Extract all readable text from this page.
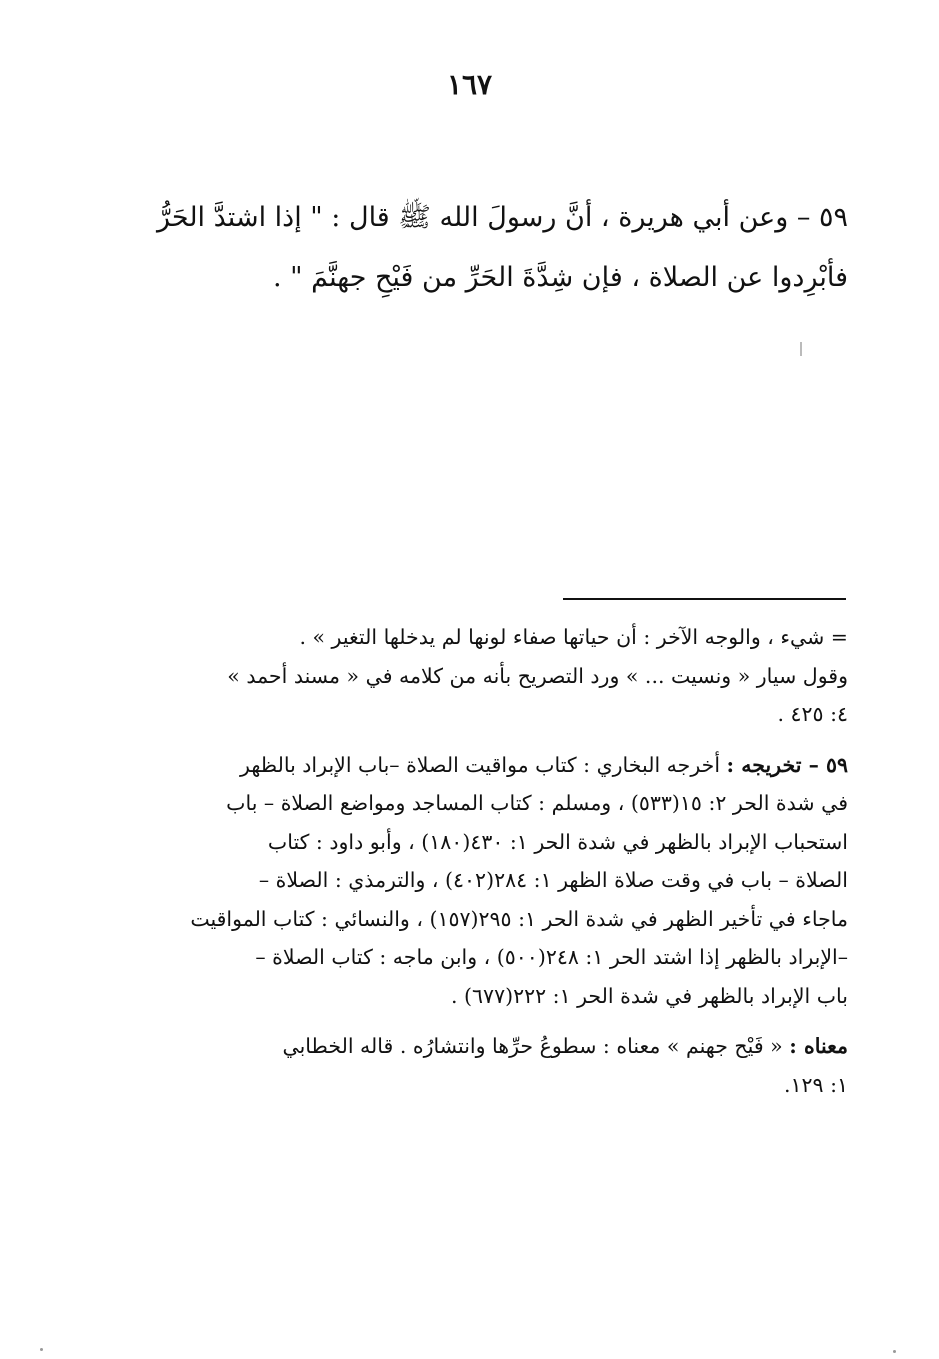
١٦٧

٥٩ – وعن أبي هريرة ، أنَّ رسولَ الله ﷺ قال : " إذا اشتدَّ الحَرُّ

فأبْرِدوا عن الصلاة ، فإن شِدَّةَ الحَرِّ من فَيْحِ جهنَّمَ " .

= شيء ، والوجه الآخر : أن حياتها صفاء لونها لم يدخلها التغير » .

وقول سيار « ونسيت ... » ورد التصريح بأنه من كلامه في « مسند أحمد »

٤: ٤٢٥ .

٥٩ – تخريجه : أخرجه البخاري : كتاب مواقيت الصلاة –باب الإبراد بالظهر

في شدة الحر ٢: ١٥(٥٣٣) ، ومسلم : كتاب المساجد ومواضع الصلاة – باب

استحباب الإبراد بالظهر في شدة الحر ١: ٤٣٠(١٨٠) ، وأبو داود : كتاب

الصلاة – باب في وقت صلاة الظهر ١: ٢٨٤(٤٠٢) ، والترمذي : الصلاة –

ماجاء في تأخير الظهر في شدة الحر ١: ٢٩٥(١٥٧) ، والنسائي : كتاب المواقيت

–الإبراد بالظهر إذا اشتد الحر ١: ٢٤٨(٥٠٠) ، وابن ماجه : كتاب الصلاة –

باب الإبراد بالظهر في شدة الحر ١: ٢٢٢(٦٧٧) .

معناه : « فَيْح جهنم » معناه : سطوعُ حرِّها وانتشارُه . قاله الخطابي

١: ١٢٩.
